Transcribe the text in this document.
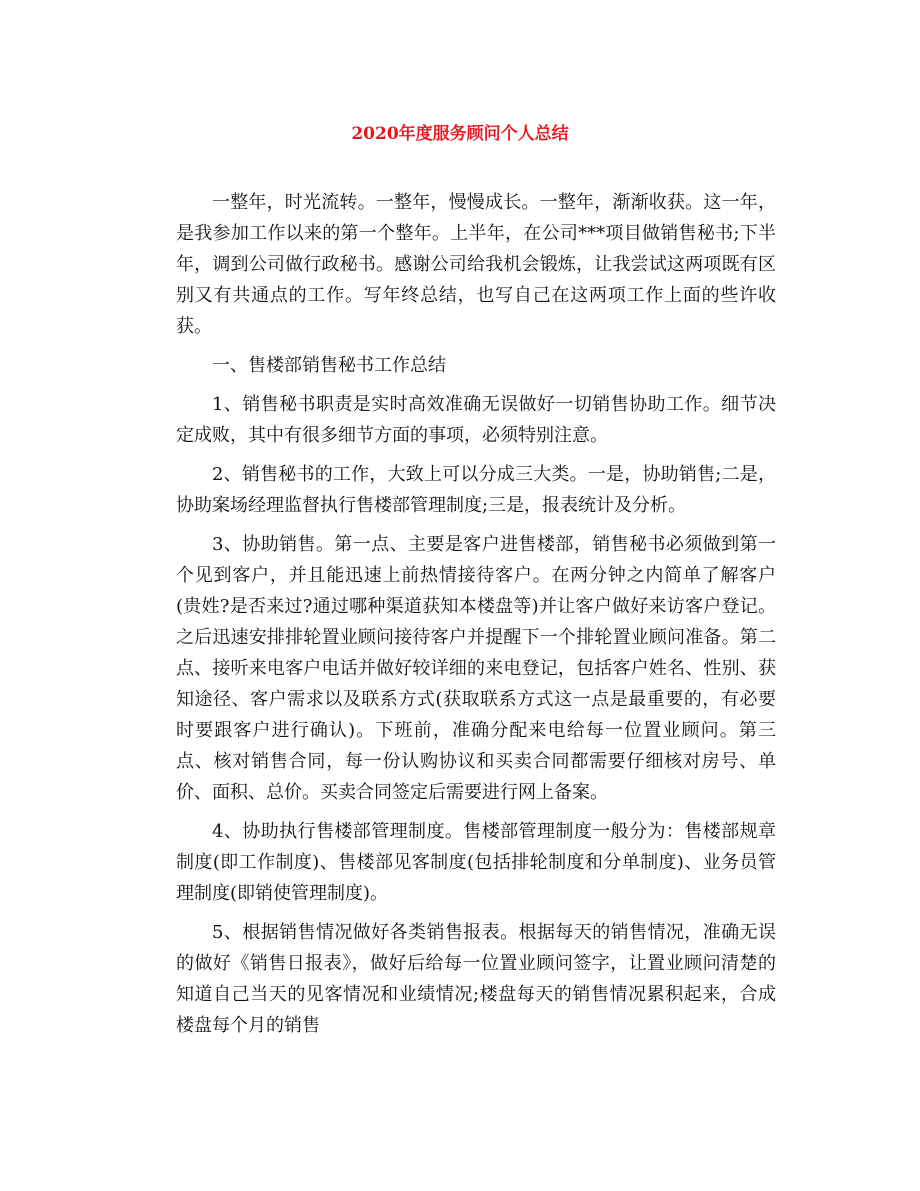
2020年度服务顾问个人总结

一整年，时光流转。一整年，慢慢成长。一整年，渐渐收获。这一年，是我参加工作以来的第一个整年。上半年，在公司***项目做销售秘书;下半年，调到公司做行政秘书。感谢公司给我机会锻炼，让我尝试这两项既有区别又有共通点的工作。写年终总结，也写自己在这两项工作上面的些许收获。

一、售楼部销售秘书工作总结

1、销售秘书职责是实时高效准确无误做好一切销售协助工作。细节决定成败，其中有很多细节方面的事项，必须特别注意。

2、销售秘书的工作，大致上可以分成三大类。一是，协助销售;二是，协助案场经理监督执行售楼部管理制度;三是，报表统计及分析。

3、协助销售。第一点、主要是客户进售楼部，销售秘书必须做到第一个见到客户，并且能迅速上前热情接待客户。在两分钟之内简单了解客户(贵姓?是否来过?通过哪种渠道获知本楼盘等)并让客户做好来访客户登记。之后迅速安排排轮置业顾问接待客户并提醒下一个排轮置业顾问准备。第二点、接听来电客户电话并做好较详细的来电登记，包括客户姓名、性别、获知途径、客户需求以及联系方式(获取联系方式这一点是最重要的，有必要时要跟客户进行确认)。下班前，准确分配来电给每一位置业顾问。第三点、核对销售合同，每一份认购协议和买卖合同都需要仔细核对房号、单价、面积、总价。买卖合同签定后需要进行网上备案。

4、协助执行售楼部管理制度。售楼部管理制度一般分为：售楼部规章制度(即工作制度)、售楼部见客制度(包括排轮制度和分单制度)、业务员管理制度(即销使管理制度)。

5、根据销售情况做好各类销售报表。根据每天的销售情况，准确无误的做好《销售日报表》，做好后给每一位置业顾问签字，让置业顾问清楚的知道自己当天的见客情况和业绩情况;楼盘每天的销售情况累积起来，合成楼盘每个月的销售
